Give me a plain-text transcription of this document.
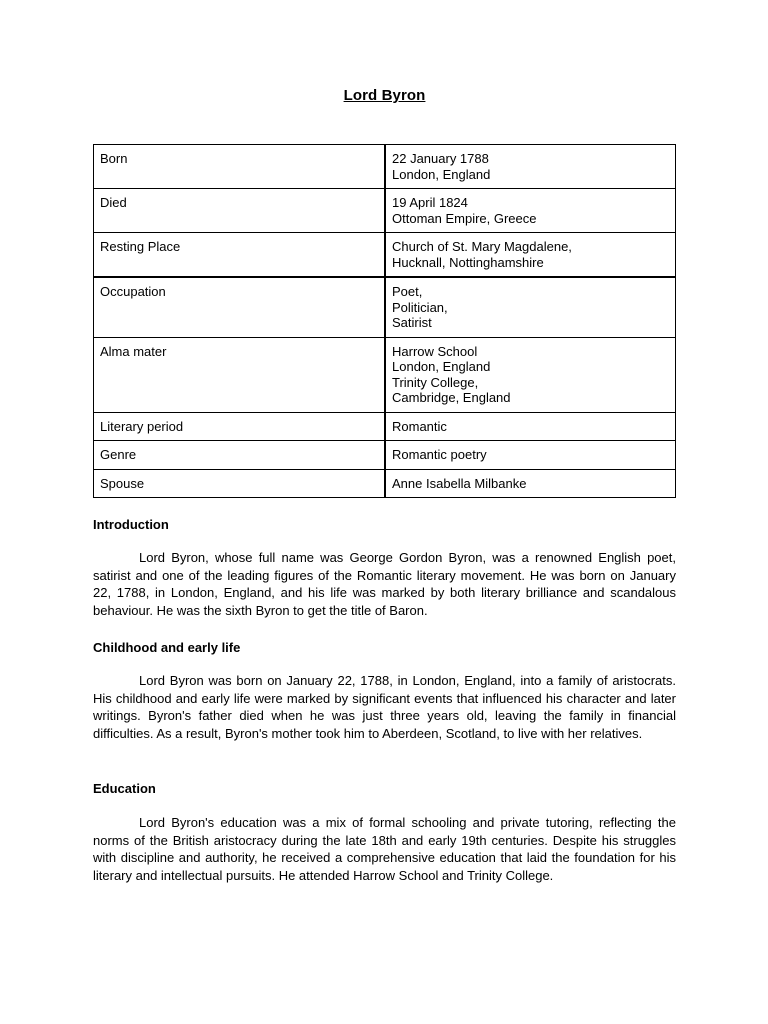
Lord Byron
Born	22 January 1788
London, England

Died	19 April 1824
Ottoman Empire, Greece

Resting Place	Church of St. Mary Magdalene,
Hucknall, Nottinghamshire

Occupation	Poet,
Politician,
Satirist

Alma mater	Harrow School
London, England
Trinity College,
Cambridge, England

Literary period	Romantic

Genre	Romantic poetry

Spouse	Anne Isabella Milbanke
Introduction

Lord Byron, whose full name was George Gordon Byron, was a renowned English poet, satirist and one of the leading figures of the Romantic literary movement. He was born on January 22, 1788, in London, England, and his life was marked by both literary brilliance and scandalous behaviour. He was the sixth Byron to get the title of Baron.

Childhood and early life

Lord Byron was born on January 22, 1788, in London, England, into a family of aristocrats. His childhood and early life were marked by significant events that influenced his character and later writings. Byron's father died when he was just three years old, leaving the family in financial difficulties. As a result, Byron's mother took him to Aberdeen, Scotland, to live with her relatives.

Education

Lord Byron's education was a mix of formal schooling and private tutoring, reflecting the norms of the British aristocracy during the late 18th and early 19th centuries. Despite his struggles with discipline and authority, he received a comprehensive education that laid the foundation for his literary and intellectual pursuits. He attended Harrow School and Trinity College.
